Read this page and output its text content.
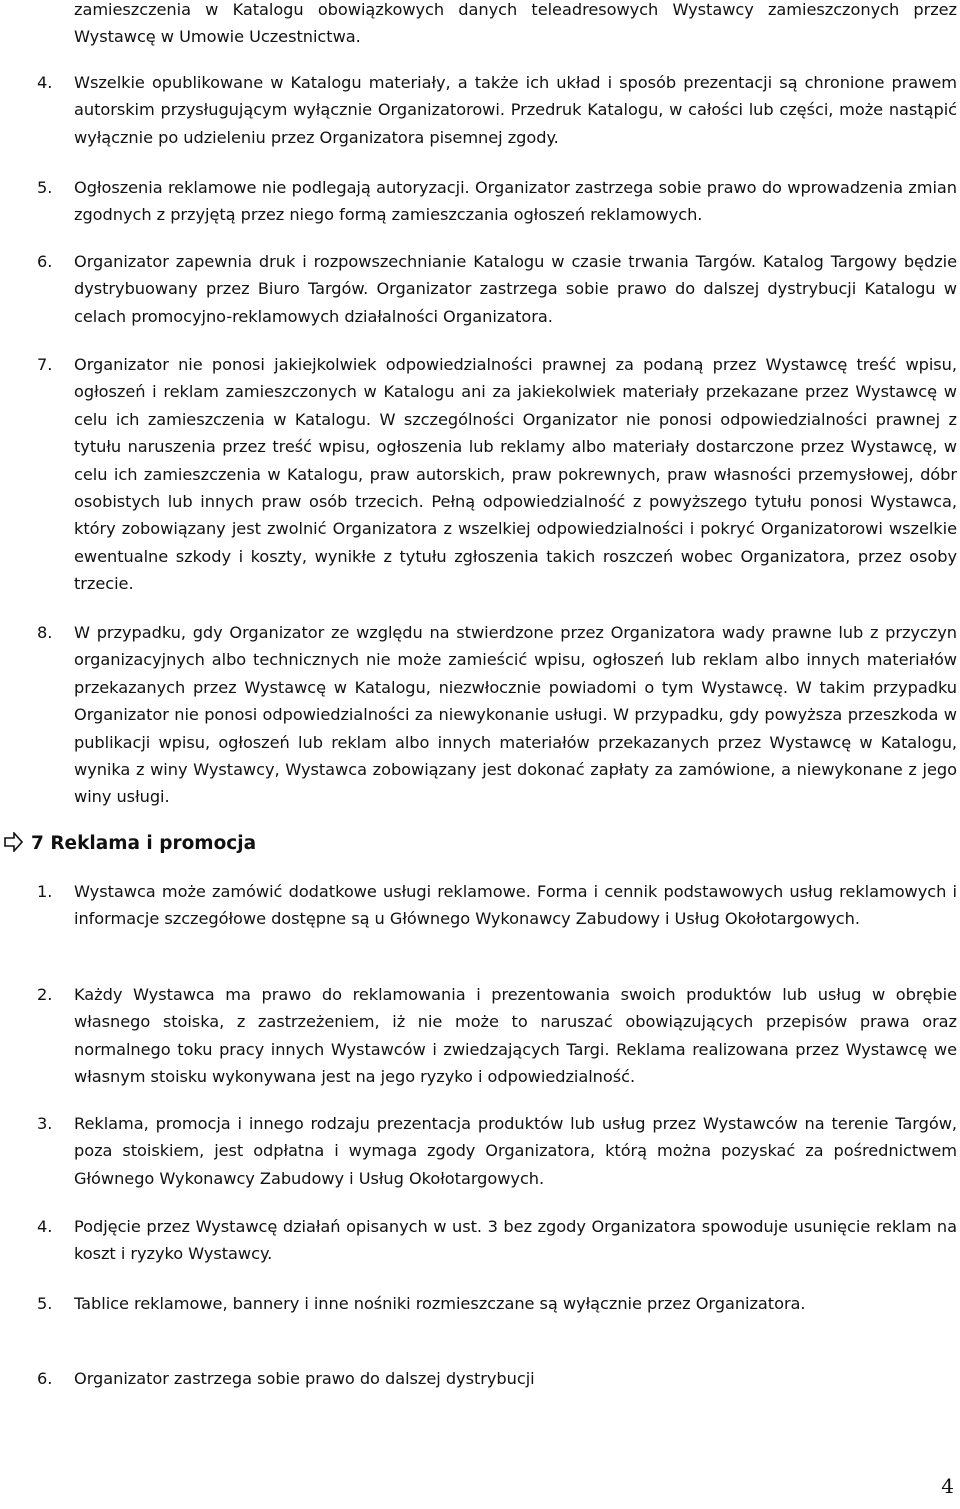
zamieszczenia w Katalogu obowiązkowych danych teleadresowych Wystawcy zamieszczonych przez Wystawcę w Umowie Uczestnictwa.
4. Wszelkie opublikowane w Katalogu materiały, a także ich układ i sposób prezentacji są chronione prawem autorskim przysługującym wyłącznie Organizatorowi. Przedruk Katalogu, w całości lub części, może nastąpić wyłącznie po udzieleniu przez Organizatora pisemnej zgody.
5. Ogłoszenia reklamowe nie podlegają autoryzacji. Organizator zastrzega sobie prawo do wprowadzenia zmian zgodnych z przyjętą przez niego formą zamieszczania ogłoszeń reklamowych.
6. Organizator zapewnia druk i rozpowszechnianie Katalogu w czasie trwania Targów. Katalog Targowy będzie dystrybuowany przez Biuro Targów. Organizator zastrzega sobie prawo do dalszej dystrybucji Katalogu w celach promocyjno-reklamowych działalności Organizatora.
7. Organizator nie ponosi jakiejkolwiek odpowiedzialności prawnej za podaną przez Wystawcę treść wpisu, ogłoszeń i reklam zamieszczonych w Katalogu ani za jakiekolwiek materiały przekazane przez Wystawcę w celu ich zamieszczenia w Katalogu. W szczególności Organizator nie ponosi odpowiedzialności prawnej z tytułu naruszenia przez treść wpisu, ogłoszenia lub reklamy albo materiały dostarczone przez Wystawcę, w celu ich zamieszczenia w Katalogu, praw autorskich, praw pokrewnych, praw własności przemysłowej, dóbr osobistych lub innych praw osób trzecich. Pełną odpowiedzialność z powyższego tytułu ponosi Wystawca, który zobowiązany jest zwolnić Organizatora z wszelkiej odpowiedzialności i pokryć Organizatorowi wszelkie ewentualne szkody i koszty, wynikłe z tytułu zgłoszenia takich roszczeń wobec Organizatora, przez osoby trzecie.
8. W przypadku, gdy Organizator ze względu na stwierdzone przez Organizatora wady prawne lub z przyczyn organizacyjnych albo technicznych nie może zamieścić wpisu, ogłoszeń lub reklam albo innych materiałów przekazanych przez Wystawcę w Katalogu, niezwłocznie powiadomi o tym Wystawcę. W takim przypadku Organizator nie ponosi odpowiedzialności za niewykonanie usługi. W przypadku, gdy powyższa przeszkoda w publikacji wpisu, ogłoszeń lub reklam albo innych materiałów przekazanych przez Wystawcę w Katalogu, wynika z winy Wystawcy, Wystawca zobowiązany jest dokonać zapłaty za zamówione, a niewykonane z jego winy usługi.
7 Reklama i promocja
1. Wystawca może zamówić dodatkowe usługi reklamowe. Forma i cennik podstawowych usług reklamowych i informacje szczegółowe dostępne są u Głównego Wykonawcy Zabudowy i Usług Okołotargowych.
2. Każdy Wystawca ma prawo do reklamowania i prezentowania swoich produktów lub usług w obrębie własnego stoiska, z zastrzeżeniem, iż nie może to naruszać obowiązujących przepisów prawa oraz normalnego toku pracy innych Wystawców i zwiedzających Targi. Reklama realizowana przez Wystawcę we własnym stoisku wykonywana jest na jego ryzyko i odpowiedzialność.
3. Reklama, promocja i innego rodzaju prezentacja produktów lub usług przez Wystawców na terenie Targów, poza stoiskiem, jest odpłatna i wymaga zgody Organizatora, którą można pozyskać za pośrednictwem Głównego Wykonawcy Zabudowy i Usług Okołotargowych.
4. Podjęcie przez Wystawcę działań opisanych w ust. 3 bez zgody Organizatora spowoduje usunięcie reklam na koszt i ryzyko Wystawcy.
5. Tablice reklamowe, bannery i inne nośniki rozmieszczane są wyłącznie przez Organizatora.
6. Organizator zastrzega sobie prawo do dalszej dystrybucji
4
